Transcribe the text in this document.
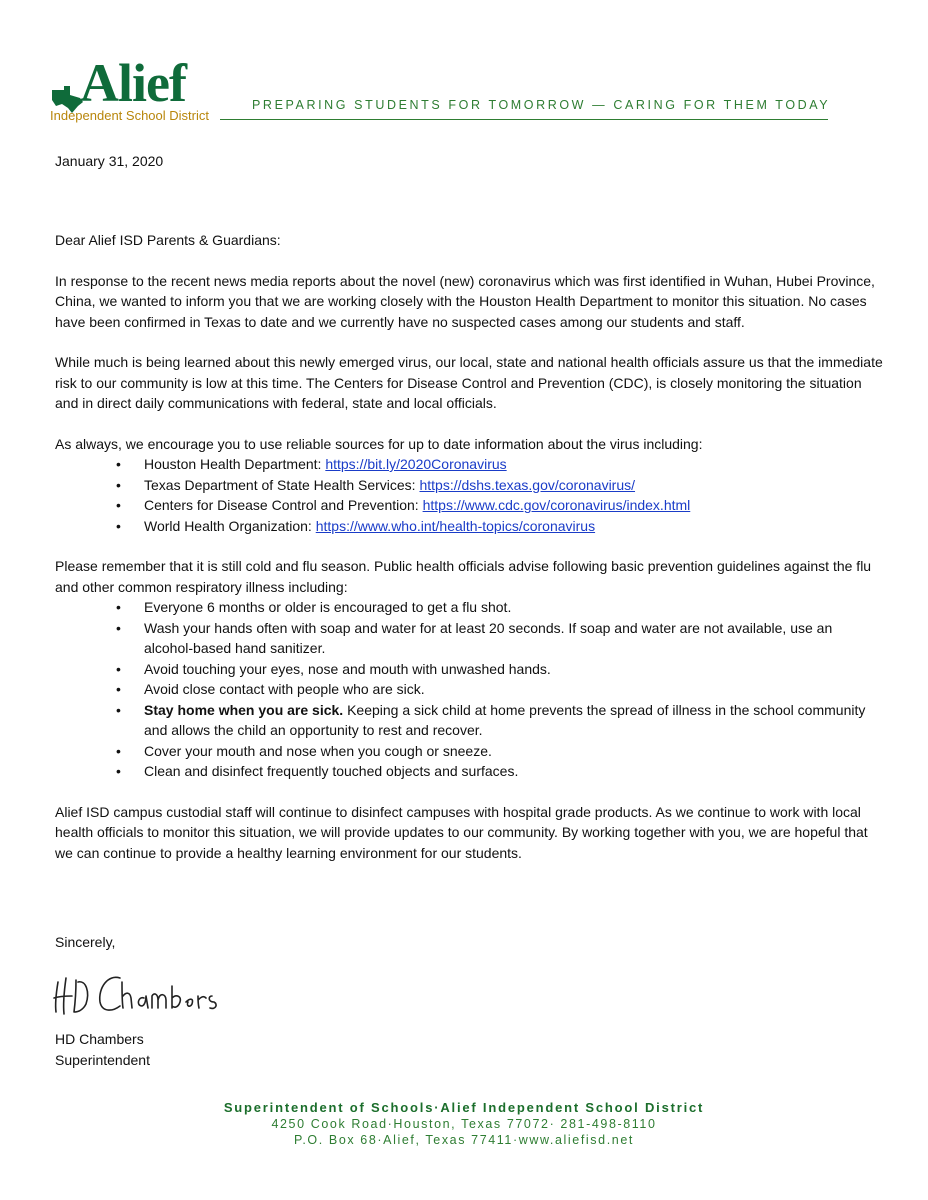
Alief
Independent School District
PREPARING STUDENTS FOR TOMORROW — CARING FOR THEM TODAY
January 31, 2020

Dear Alief ISD Parents & Guardians:

In response to the recent news media reports about the novel (new) coronavirus which was first identified in Wuhan, Hubei Province, China, we wanted to inform you that we are working closely with the Houston Health Department to monitor this situation. No cases have been confirmed in Texas to date and we currently have no suspected cases among our students and staff.

While much is being learned about this newly emerged virus, our local, state and national health officials assure us that the immediate risk to our community is low at this time. The Centers for Disease Control and Prevention (CDC), is closely monitoring the situation and in direct daily communications with federal, state and local officials.

As always, we encourage you to use reliable sources for up to date information about the virus including:
• Houston Health Department: https://bit.ly/2020Coronavirus
• Texas Department of State Health Services: https://dshs.texas.gov/coronavirus/
• Centers for Disease Control and Prevention: https://www.cdc.gov/coronavirus/index.html
• World Health Organization: https://www.who.int/health-topics/coronavirus
Please remember that it is still cold and flu season. Public health officials advise following basic prevention guidelines against the flu and other common respiratory illness including:
• Everyone 6 months or older is encouraged to get a flu shot.
• Wash your hands often with soap and water for at least 20 seconds. If soap and water are not available, use an alcohol-based hand sanitizer.
• Avoid touching your eyes, nose and mouth with unwashed hands.
• Avoid close contact with people who are sick.
• Stay home when you are sick. Keeping a sick child at home prevents the spread of illness in the school community and allows the child an opportunity to rest and recover.
• Cover your mouth and nose when you cough or sneeze.
• Clean and disinfect frequently touched objects and surfaces.

Alief ISD campus custodial staff will continue to disinfect campuses with hospital grade products. As we continue to work with local health officials to monitor this situation, we will provide updates to our community. By working together with you, we are hopeful that we can continue to provide a healthy learning environment for our students.

Sincerely,
HD Chambers
Superintendent
Superintendent of Schools·Alief Independent School District
4250 Cook Road·Houston, Texas 77072· 281-498-8110
P.O. Box 68·Alief, Texas 77411·www.aliefisd.net
